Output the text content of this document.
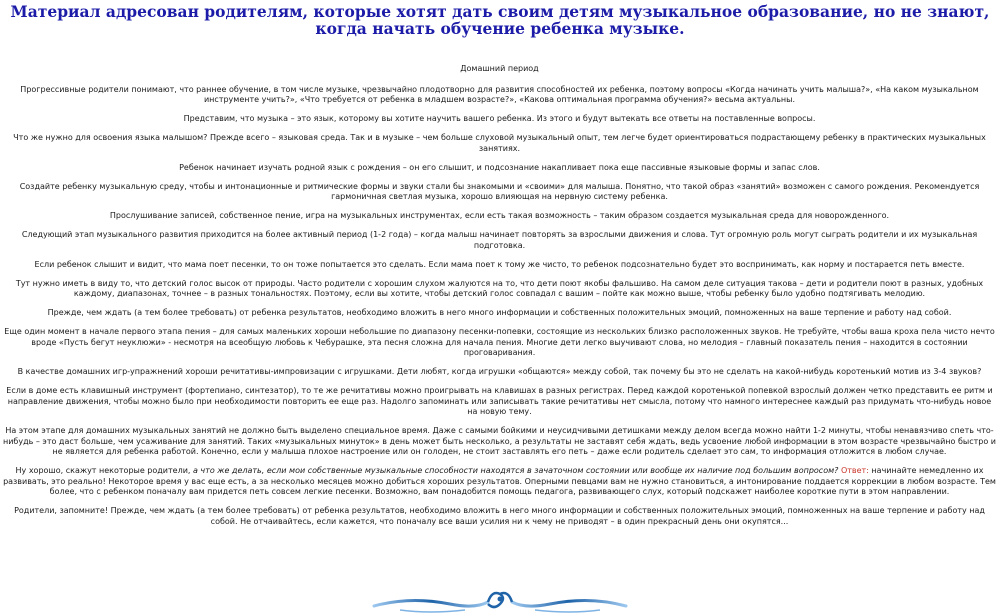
Материал адресован родителям, которые хотят дать своим детям музыкальное образование, но не знают, когда начать обучение ребенка музыке.
Домашний период

Прогрессивные родители понимают, что раннее обучение, в том числе музыке, чрезвычайно плодотворно для развития способностей их ребенка, поэтому вопросы «Когда начинать учить малыша?», «На каком музыкальном инструменте учить?», «Что требуется от ребенка в младшем возрасте?», «Какова оптимальная программа обучения?» весьма актуальны.

Представим, что музыка – это язык, которому вы хотите научить вашего ребенка. Из этого и будут вытекать все ответы на поставленные вопросы.

Что же нужно для освоения языка малышом? Прежде всего – языковая среда. Так и в музыке – чем больше слуховой музыкальный опыт, тем легче будет ориентироваться подрастающему ребенку в практических музыкальных занятиях.

Ребенок начинает изучать родной язык с рождения – он его слышит, и подсознание накапливает пока еще пассивные языковые формы и запас слов.

Создайте ребенку музыкальную среду, чтобы и интонационные и ритмические формы и звуки стали бы знакомыми и «своими» для малыша. Понятно, что такой образ «занятий» возможен с самого рождения. Рекомендуется гармоничная светлая музыка, хорошо влияющая на нервную систему ребенка.

Прослушивание записей, собственное пение, игра на музыкальных инструментах, если есть такая возможность – таким образом создается музыкальная среда для новорожденного.

Следующий этап музыкального развития приходится на более активный период (1-2 года) – когда малыш начинает повторять за взрослыми движения и слова. Тут огромную роль могут сыграть родители и их музыкальная подготовка.

Если ребенок слышит и видит, что мама поет песенки, то он тоже попытается это сделать. Если мама поет к тому же чисто, то ребенок подсознательно будет это воспринимать, как норму и постарается петь вместе.

Тут нужно иметь в виду то, что детский голос высок от природы. Часто родители с хорошим слухом жалуются на то, что дети поют якобы фальшиво. На самом деле ситуация такова – дети и родители поют в разных, удобных каждому, диапазонах, точнее – в разных тональностях. Поэтому, если вы хотите, чтобы детский голос совпадал с вашим – пойте как можно выше, чтобы ребенку было удобно подтягивать мелодию.

Прежде, чем ждать (а тем более требовать) от ребенка результатов, необходимо вложить в него много информации и собственных положительных эмоций, помноженных на ваше терпение и работу над собой.

Еще один момент в начале первого этапа пения – для самых маленьких хороши небольшие по диапазону песенки-попевки, состоящие из нескольких близко расположенных звуков. Не требуйте, чтобы ваша кроха пела чисто нечто вроде «Пусть бегут неуклюжи» - несмотря на всеобщую любовь к Чебурашке, эта песня сложна для начала пения. Многие дети легко выучивают слова, но мелодия – главный показатель пения – находится в состоянии проговаривания.

В качестве домашних игр-упражнений хороши речитативы-импровизации с игрушками. Дети любят, когда игрушки «общаются» между собой, так почему бы это не сделать на какой-нибудь коротенький мотив из 3-4 звуков?

Если в доме есть клавишный инструмент (фортепиано, синтезатор), то те же речитативы можно проигрывать на клавишах в разных регистрах. Перед каждой коротенькой попевкой взрослый должен четко представить ее ритм и направление движения, чтобы можно было при необходимости повторить ее еще раз. Надолго запоминать или записывать такие речитативы нет смысла, потому что намного интереснее каждый раз придумать что-нибудь новое на новую тему.

На этом этапе для домашних музыкальных занятий не должно быть выделено специальное время. Даже с самыми бойкими и неусидчивыми детишками между делом всегда можно найти 1-2 минуты, чтобы ненавязчиво спеть что-нибудь – это даст больше, чем усаживание для занятий. Таких «музыкальных минуток» в день может быть несколько, а результаты не заставят себя ждать, ведь усвоение любой информации в этом возрасте чрезвычайно быстро и не является для ребенка работой. Конечно, если у малыша плохое настроение или он голоден, не стоит заставлять его петь – даже если родитель сделает это сам, то информация отложится в любом случае.

Ну хорошо, скажут некоторые родители, а что же делать, если мои собственные музыкальные способности находятся в зачаточном состоянии или вообще их наличие под большим вопросом? Ответ: начинайте немедленно их развивать, это реально! Некоторое время у вас еще есть, а за несколько месяцев можно добиться хороших результатов. Оперными певцами вам не нужно становиться, а интонирование поддается коррекции в любом возрасте. Тем более, что с ребенком поначалу вам придется петь совсем легкие песенки. Возможно, вам понадобится помощь педагога, развивающего слух, который подскажет наиболее короткие пути в этом направлении.

Родители, запомните! Прежде, чем ждать (а тем более требовать) от ребенка результатов, необходимо вложить в него много информации и собственных положительных эмоций, помноженных на ваше терпение и работу над собой. Не отчаивайтесь, если кажется, что поначалу все ваши усилия ни к чему не приводят – в один прекрасный день они окупятся...
